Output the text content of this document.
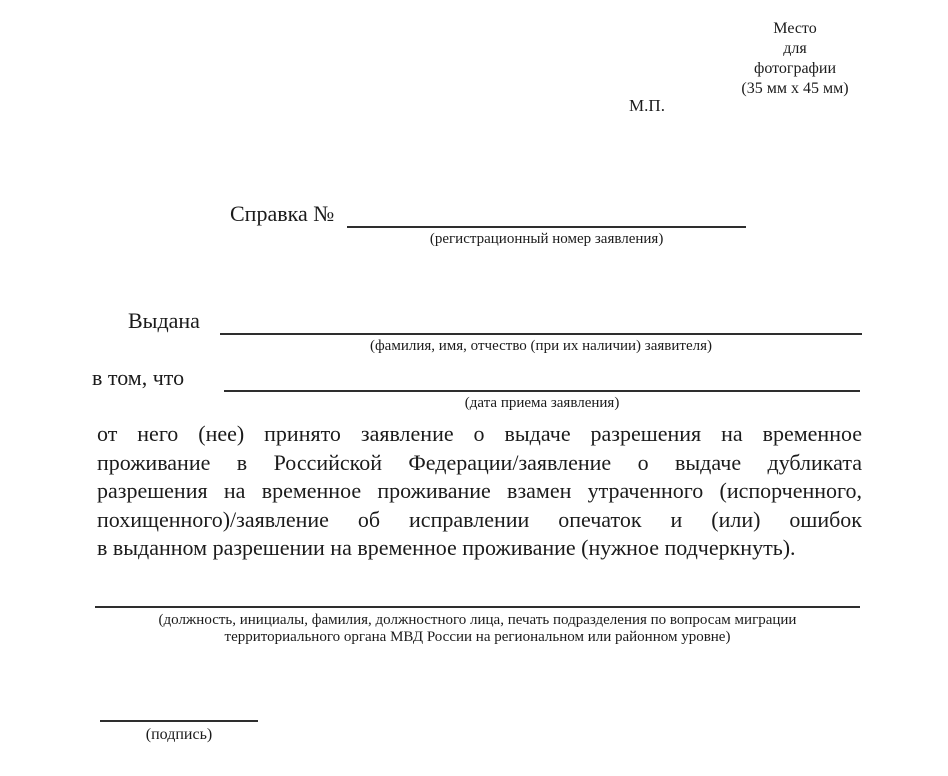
Место
для
фотографии
(35 мм х 45 мм)
М.П.
Справка №
(регистрационный номер заявления)
Выдана
(фамилия, имя, отчество (при их наличии) заявителя)
в том, что
(дата приема заявления)
от него (нее) принято заявление о выдаче разрешения на временное
проживание в Российской Федерации/заявление о выдаче дубликата
разрешения на временное проживание взамен утраченного (испорченного,
похищенного)/заявление об исправлении опечаток и (или) ошибок
в выданном разрешении на временное проживание (нужное подчеркнуть).
(должность, инициалы, фамилия, должностного лица, печать подразделения по вопросам миграции
территориального органа МВД России на региональном или районном уровне)
(подпись)
